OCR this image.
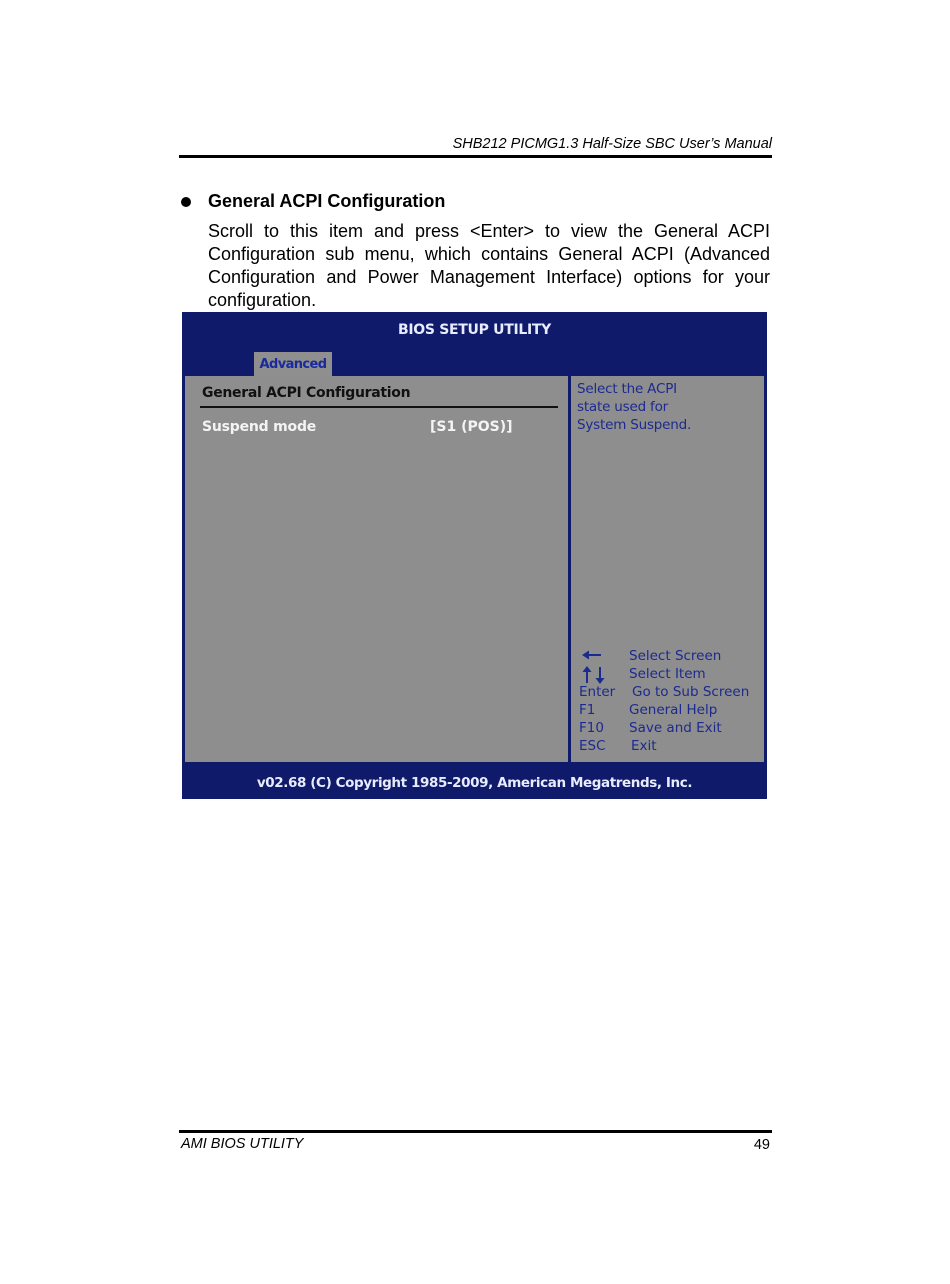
SHB212 PICMG1.3 Half-Size SBC User’s Manual
General ACPI Configuration
Scroll to this item and press <Enter> to view the General ACPI Configuration sub menu, which contains General ACPI (Advanced Configuration and Power Management Interface) options for your configuration.
BIOS SETUP UTILITY
Advanced
General ACPI Configuration
Suspend mode	[S1 (POS)]
Select the ACPI
state used for
System Suspend.
Select Screen
Select Item
Enter Go to Sub Screen
F1 General Help
F10 Save and Exit
ESC Exit
v02.68 (C) Copyright 1985-2009, American Megatrends, Inc.
AMI BIOS UTILITY	49
